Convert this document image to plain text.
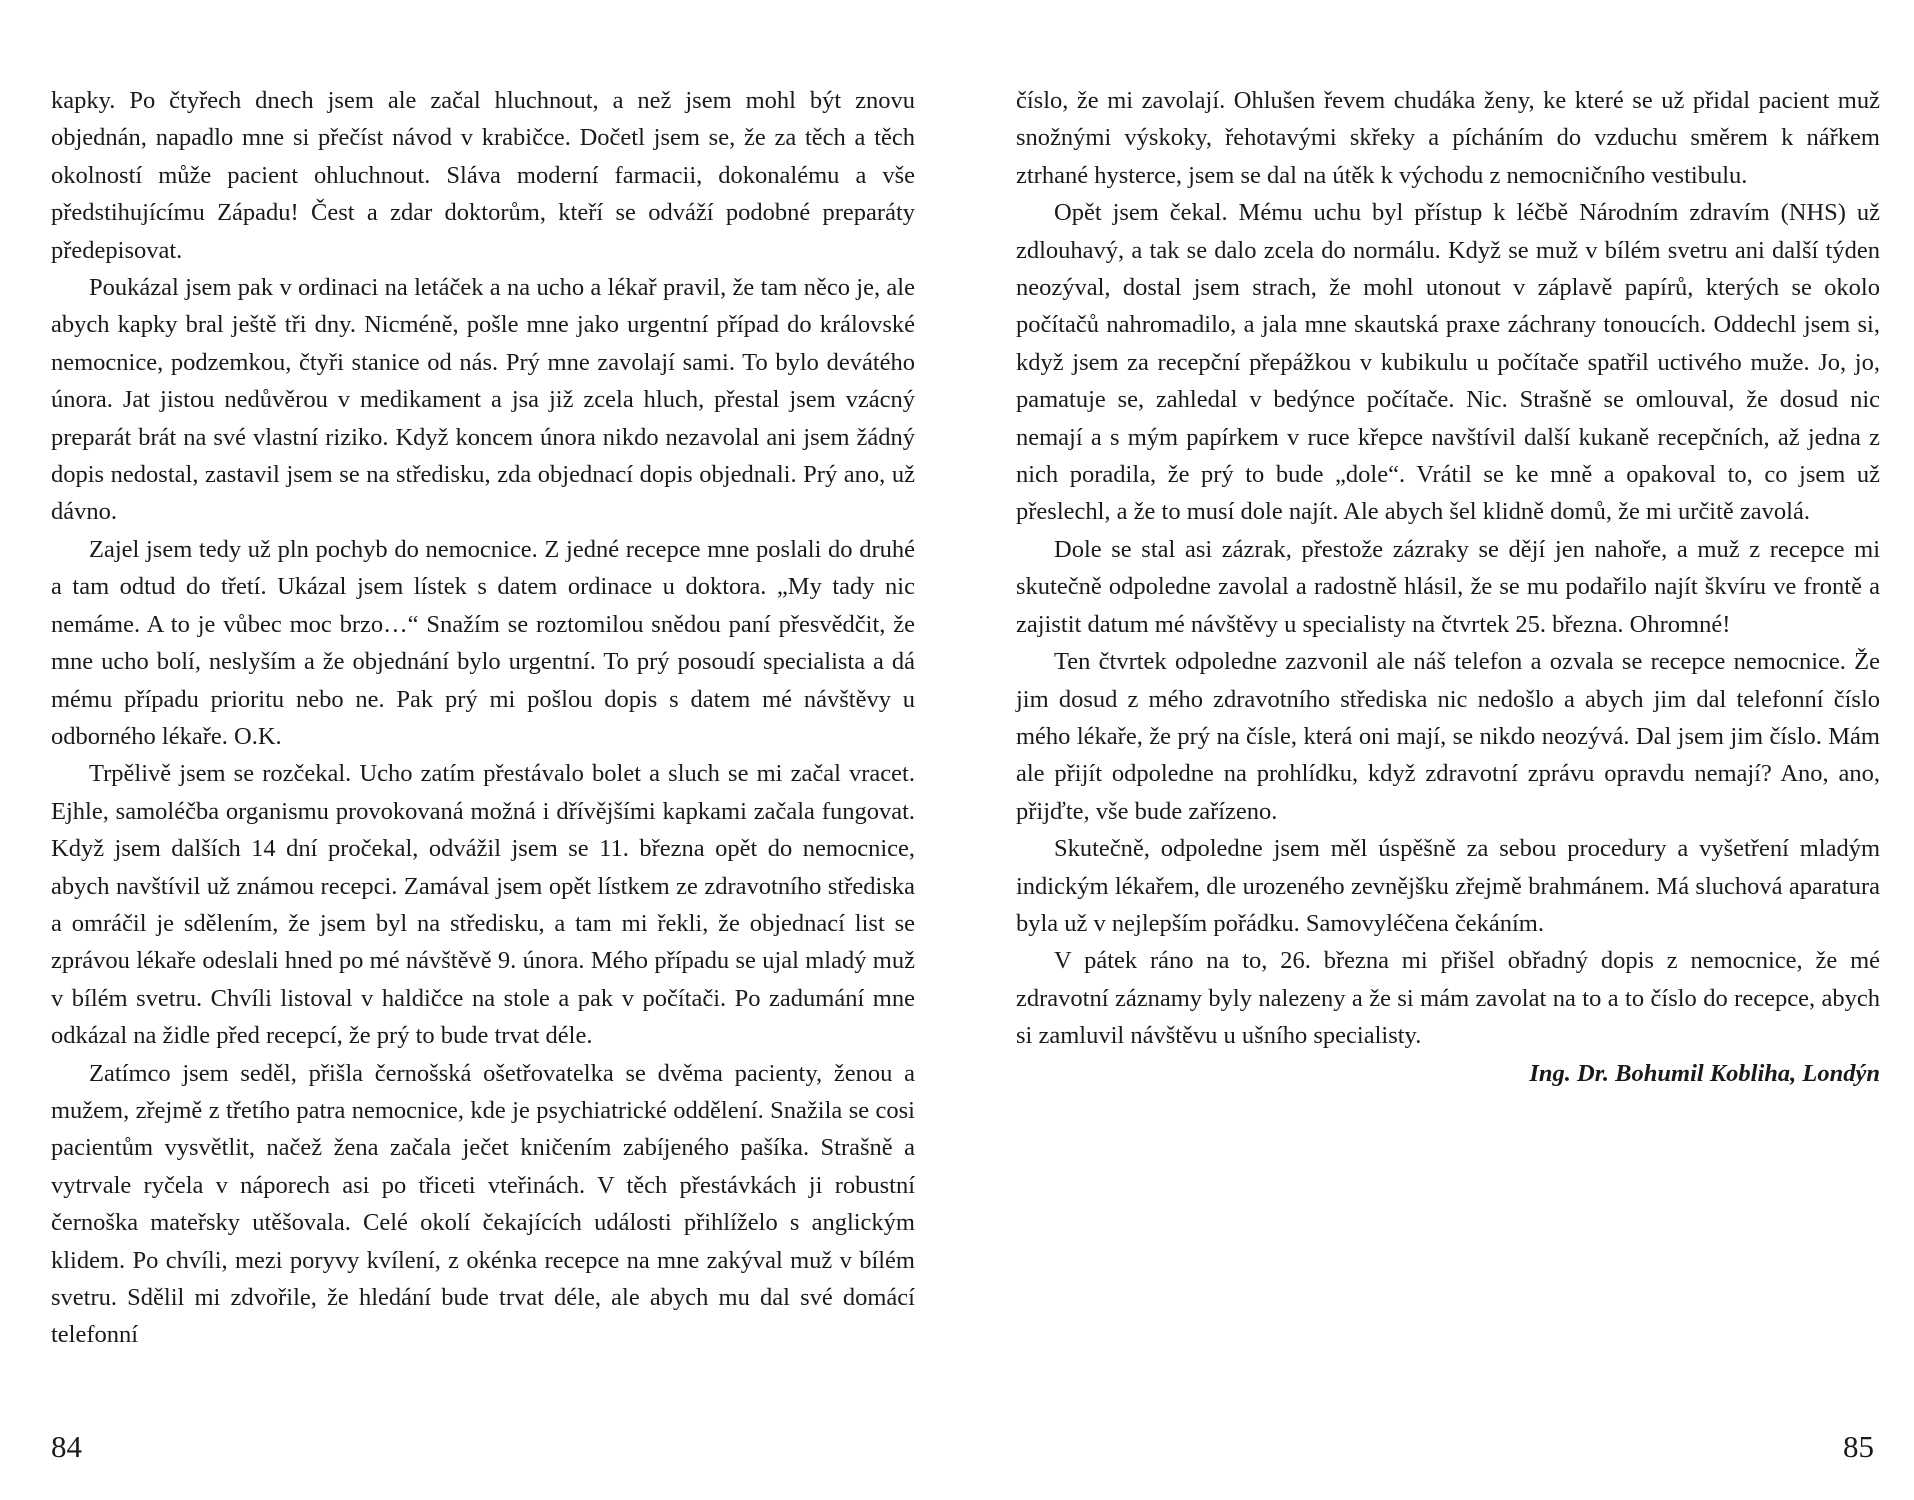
kapky. Po čtyřech dnech jsem ale začal hluchnout, a než jsem mohl být znovu objednán, napadlo mne si přečíst návod v krabičce. Dočetl jsem se, že za těch a těch okolností může pacient ohluchnout. Sláva moderní farmacii, dokonalému a vše předstihujícímu Západu! Čest a zdar doktorům, kteří se odváží podobné preparáty předepisovat.

Poukázal jsem pak v ordinaci na letáček a na ucho a lékař pravil, že tam něco je, ale abych kapky bral ještě tři dny. Nicméně, pošle mne jako urgentní případ do královské nemocnice, podzemkou, čtyři stanice od nás. Prý mne zavolají sami. To bylo devátého února. Jat jistou nedůvěrou v medikament a jsa již zcela hluch, přestal jsem vzácný preparát brát na své vlastní riziko. Když koncem února nikdo nezavolal ani jsem žádný dopis nedostal, zastavil jsem se na středisku, zda objednací dopis objednali. Prý ano, už dávno.

Zajel jsem tedy už pln pochyb do nemocnice. Z jedné recepce mne poslali do druhé a tam odtud do třetí. Ukázal jsem lístek s datem ordinace u doktora. „My tady nic nemáme. A to je vůbec moc brzo…“ Snažím se roztomilou snědou paní přesvědčit, že mne ucho bolí, neslyším a že objednání bylo urgentní. To prý posoudí specialista a dá mému případu prioritu nebo ne. Pak prý mi pošlou dopis s datem mé návštěvy u odborného lékaře. O.K.

Trpělivě jsem se rozčekal. Ucho zatím přestávalo bolet a sluch se mi začal vracet. Ejhle, samoléčba organismu provokovaná možná i dřívějšími kapkami začala fungovat. Když jsem dalších 14 dní pročekal, odvážil jsem se 11. března opět do nemocnice, abych navštívil už známou recepci. Zamával jsem opět lístkem ze zdravotního střediska a omráčil je sdělením, že jsem byl na středisku, a tam mi řekli, že objednací list se zprávou lékaře odeslali hned po mé návštěvě 9. února. Mého případu se ujal mladý muž v bílém svetru. Chvíli listoval v haldičce na stole a pak v počítači. Po zadumání mne odkázal na židle před recepcí, že prý to bude trvat déle.

Zatímco jsem seděl, přišla černošská ošetřovatelka se dvěma pacienty, ženou a mužem, zřejmě z třetího patra nemocnice, kde je psychiatrické oddělení. Snažila se cosi pacientům vysvětlit, načež žena začala ječet kničením zabíjeného pašíka. Strašně a vytrvale ryčela v náporech asi po třiceti vteřinách. V těch přestávkách ji robustní černoška mateřsky utěšovala. Celé okolí čekajících události přihlíželo s anglickým klidem. Po chvíli, mezi poryvy kvílení, z okénka recepce na mne zakýval muž v bílém svetru. Sdělil mi zdvořile, že hledání bude trvat déle, ale abych mu dal své domácí telefonní

číslo, že mi zavolají. Ohlušen řevem chudáka ženy, ke které se už přidal pacient muž snožnými výskoky, řehotavými skřeky a pícháním do vzduchu směrem k nářkem ztrhané hysterce, jsem se dal na útěk k východu z nemocničního vestibulu.

Opět jsem čekal. Mému uchu byl přístup k léčbě Národním zdravím (NHS) už zdlouhavý, a tak se dalo zcela do normálu. Když se muž v bílém svetru ani další týden neozýval, dostal jsem strach, že mohl utonout v záplavě papírů, kterých se okolo počítačů nahromadilo, a jala mne skautská praxe záchrany tonoucích. Oddechl jsem si, když jsem za recepční přepážkou v kubikulu u počítače spatřil uctivého muže. Jo, jo, pamatuje se, zahledal v bedýnce počítače. Nic. Strašně se omlouval, že dosud nic nemají a s mým papírkem v ruce křepce navštívil další kukaně recepčních, až jedna z nich poradila, že prý to bude „dole“. Vrátil se ke mně a opakoval to, co jsem už přeslechl, a že to musí dole najít. Ale abych šel klidně domů, že mi určitě zavolá.

Dole se stal asi zázrak, přestože zázraky se dějí jen nahoře, a muž z recepce mi skutečně odpoledne zavolal a radostně hlásil, že se mu podařilo najít škvíru ve frontě a zajistit datum mé návštěvy u specialisty na čtvrtek 25. března. Ohromné!

Ten čtvrtek odpoledne zazvonil ale náš telefon a ozvala se recepce nemocnice. Že jim dosud z mého zdravotního střediska nic nedošlo a abych jim dal telefonní číslo mého lékaře, že prý na čísle, která oni mají, se nikdo neozývá. Dal jsem jim číslo. Mám ale přijít odpoledne na prohlídku, když zdravotní zprávu opravdu nemají? Ano, ano, přijďte, vše bude zařízeno.

Skutečně, odpoledne jsem měl úspěšně za sebou procedury a vyšetření mladým indickým lékařem, dle urozeného zevnějšku zřejmě brahmánem. Má sluchová aparatura byla už v nejlepším pořádku. Samovyléčena čekáním.

V pátek ráno na to, 26. března mi přišel obřadný dopis z nemocnice, že mé zdravotní záznamy byly nalezeny a že si mám zavolat na to a to číslo do recepce, abych si zamluvil návštěvu u ušního specialisty.

Ing. Dr. Bohumil Kobliha, Londýn
84	85
